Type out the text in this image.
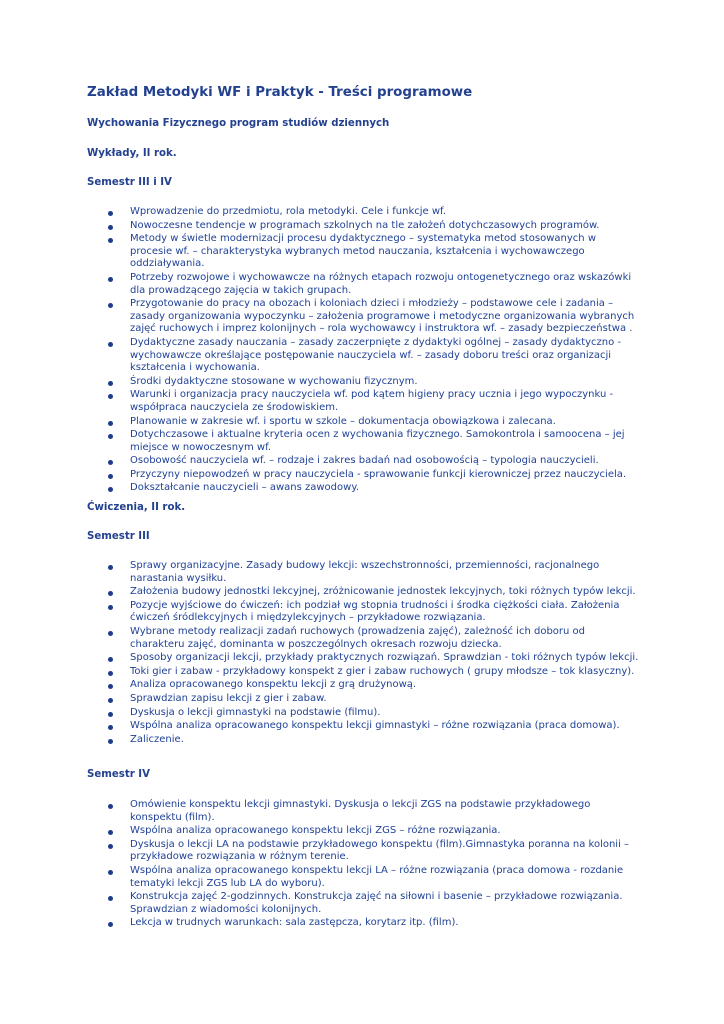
Zakład Metodyki WF i Praktyk - Treści programowe

Wychowania Fizycznego program studiów dziennych

Wykłady, II rok.

Semestr III i IV

Wprowadzenie do przedmiotu, rola metodyki. Cele i funkcje wf.
Nowoczesne tendencje w programach szkolnych na tle założeń dotychczasowych programów.
Metody w świetle modernizacji procesu dydaktycznego – systematyka metod stosowanych w procesie wf. – charakterystyka wybranych metod nauczania, kształcenia i wychowawczego oddziaływania.
Potrzeby rozwojowe i wychowawcze na różnych etapach rozwoju ontogenetycznego oraz wskazówki dla prowadzącego zajęcia w takich grupach.
Przygotowanie do pracy na obozach i koloniach dzieci i młodzieży – podstawowe cele i zadania – zasady organizowania wypoczynku – założenia programowe i metodyczne organizowania wybranych zajęć ruchowych i imprez kolonijnych – rola wychowawcy i instruktora wf. – zasady bezpieczeństwa .
Dydaktyczne zasady nauczania – zasady zaczerpnięte z dydaktyki ogólnej – zasady dydaktyczno - wychowawcze określające postępowanie nauczyciela wf. – zasady doboru treści oraz organizacji kształcenia i wychowania.
Środki dydaktyczne stosowane w wychowaniu fizycznym.
Warunki i organizacja pracy nauczyciela wf. pod kątem higieny pracy ucznia i jego wypoczynku - współpraca nauczyciela ze środowiskiem.
Planowanie w zakresie wf. i sportu w szkole – dokumentacja obowiązkowa i zalecana.
Dotychczasowe i aktualne kryteria ocen z wychowania fizycznego. Samokontrola i samoocena – jej miejsce w nowoczesnym wf.
Osobowość nauczyciela wf. – rodzaje i zakres badań nad osobowością – typologia nauczycieli.
Przyczyny niepowodzeń w pracy nauczyciela - sprawowanie funkcji kierowniczej przez nauczyciela.
Dokształcanie nauczycieli – awans zawodowy.

Ćwiczenia, II rok.

Semestr III

Sprawy organizacyjne. Zasady budowy lekcji: wszechstronności, przemienności, racjonalnego narastania wysiłku.
Założenia budowy jednostki lekcyjnej, zróżnicowanie jednostek lekcyjnych, toki różnych typów lekcji.
Pozycje wyjściowe do ćwiczeń: ich podział wg stopnia trudności i środka ciężkości ciała. Założenia ćwiczeń śródlekcyjnych i międzylekcyjnych – przykładowe rozwiązania.
Wybrane metody realizacji zadań ruchowych (prowadzenia zajęć), zależność ich doboru od charakteru zajęć, dominanta w poszczególnych okresach rozwoju dziecka.
Sposoby organizacji lekcji, przykłady praktycznych rozwiązań. Sprawdzian - toki różnych typów lekcji.
Toki gier i zabaw - przykładowy konspekt z gier i zabaw ruchowych ( grupy młodsze – tok klasyczny).
Analiza opracowanego konspektu lekcji z grą drużynową.
Sprawdzian zapisu lekcji z gier i zabaw.
Dyskusja o lekcji gimnastyki na podstawie (filmu).
Wspólna analiza opracowanego konspektu lekcji gimnastyki – różne rozwiązania (praca domowa).
Zaliczenie.

Semestr IV

Omówienie konspektu lekcji gimnastyki. Dyskusja o lekcji ZGS na podstawie przykładowego konspektu (film).
Wspólna analiza opracowanego konspektu lekcji ZGS – różne rozwiązania.
Dyskusja o lekcji LA na podstawie przykładowego konspektu (film).Gimnastyka poranna na kolonii – przykładowe rozwiązania w różnym terenie.
Wspólna analiza opracowanego konspektu lekcji LA – różne rozwiązania (praca domowa - rozdanie tematyki lekcji ZGS lub LA do wyboru).
Konstrukcja zajęć 2-godzinnych. Konstrukcja zajęć na siłowni i basenie – przykładowe rozwiązania. Sprawdzian z wiadomości kolonijnych.
Lekcja w trudnych warunkach: sala zastępcza, korytarz itp. (film).
